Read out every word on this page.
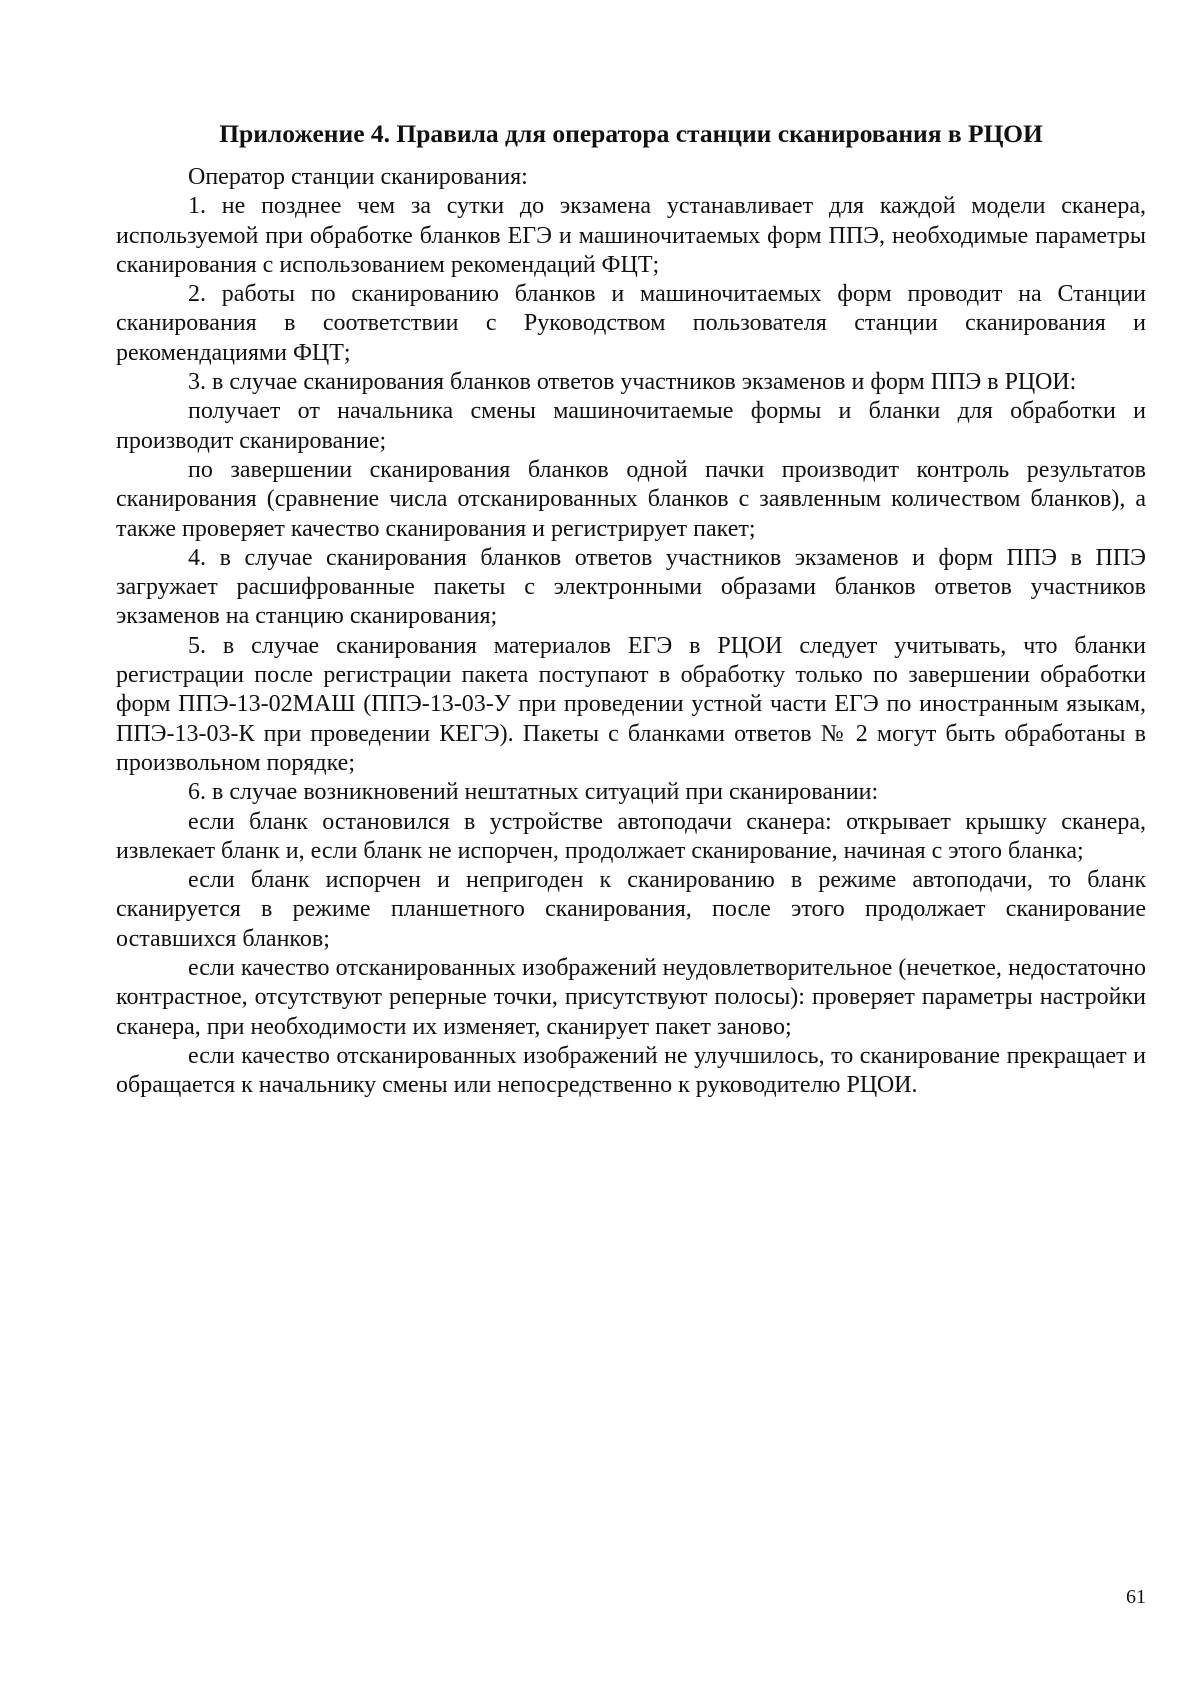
Приложение 4. Правила для оператора станции сканирования в РЦОИ

Оператор станции сканирования:

1. не позднее чем за сутки до экзамена устанавливает для каждой модели сканера, используемой при обработке бланков ЕГЭ и машиночитаемых форм ППЭ, необходимые параметры сканирования с использованием рекомендаций ФЦТ;

2. работы по сканированию бланков и машиночитаемых форм проводит на Станции сканирования в соответствии с Руководством пользователя станции сканирования и рекомендациями ФЦТ;

3. в случае сканирования бланков ответов участников экзаменов и форм ППЭ в РЦОИ:

получает от начальника смены машиночитаемые формы и бланки для обработки и производит сканирование;

по завершении сканирования бланков одной пачки производит контроль результатов сканирования (сравнение числа отсканированных бланков с заявленным количеством бланков), а также проверяет качество сканирования и регистрирует пакет;

4. в случае сканирования бланков ответов участников экзаменов и форм ППЭ в ППЭ загружает расшифрованные пакеты с электронными образами бланков ответов участников экзаменов на станцию сканирования;

5. в случае сканирования материалов ЕГЭ в РЦОИ следует учитывать, что бланки регистрации после регистрации пакета поступают в обработку только по завершении обработки форм ППЭ-13-02МАШ (ППЭ-13-03-У при проведении устной части ЕГЭ по иностранным языкам, ППЭ-13-03-К при проведении КЕГЭ). Пакеты с бланками ответов № 2 могут быть обработаны в произвольном порядке;

6. в случае возникновений нештатных ситуаций при сканировании:

если бланк остановился в устройстве автоподачи сканера: открывает крышку сканера, извлекает бланк и, если бланк не испорчен, продолжает сканирование, начиная с этого бланка;

если бланк испорчен и непригоден к сканированию в режиме автоподачи, то бланк сканируется в режиме планшетного сканирования, после этого продолжает сканирование оставшихся бланков;

если качество отсканированных изображений неудовлетворительное (нечеткое, недостаточно контрастное, отсутствуют реперные точки, присутствуют полосы): проверяет параметры настройки сканера, при необходимости их изменяет, сканирует пакет заново;

если качество отсканированных изображений не улучшилось, то сканирование прекращает и обращается к начальнику смены или непосредственно к руководителю РЦОИ.

61
